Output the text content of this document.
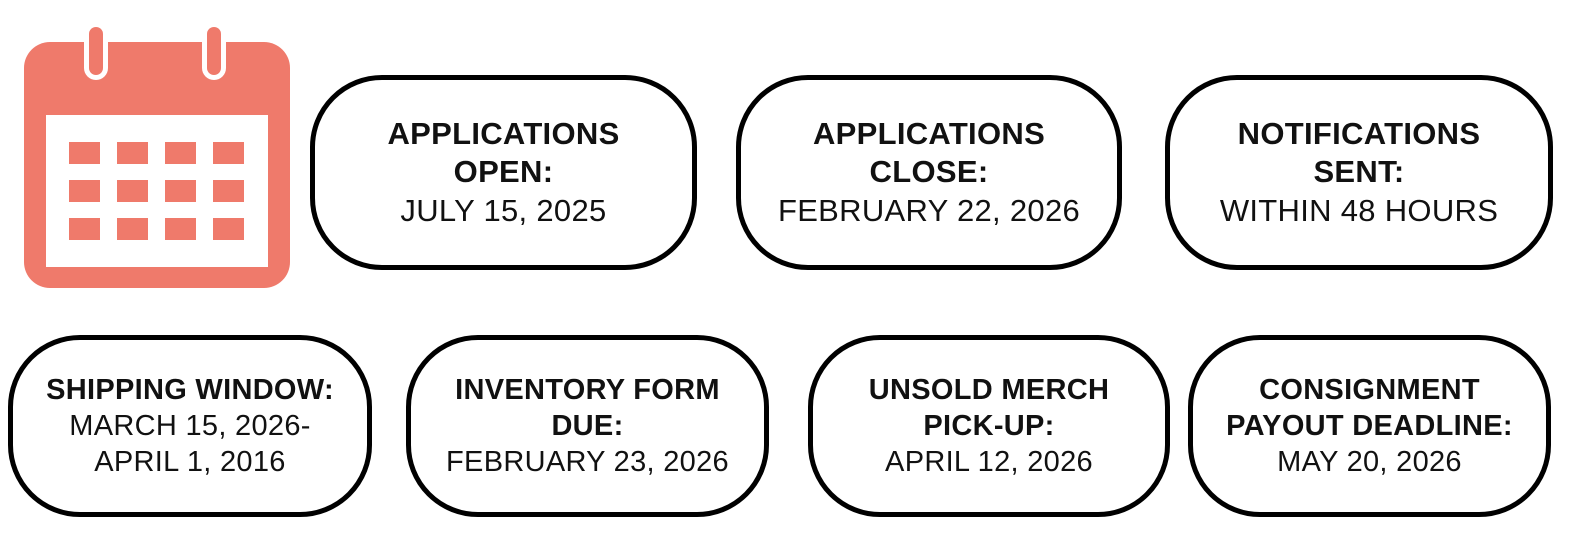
APPLICATIONS
OPEN:
JULY 15, 2025
APPLICATIONS
CLOSE:
FEBRUARY 22, 2026
NOTIFICATIONS
SENT:
WITHIN 48 HOURS
SHIPPING WINDOW:
MARCH 15, 2026-
APRIL 1, 2016
INVENTORY FORM
DUE:
FEBRUARY 23, 2026
UNSOLD MERCH
PICK-UP:
APRIL 12, 2026
CONSIGNMENT
PAYOUT DEADLINE:
MAY 20, 2026
